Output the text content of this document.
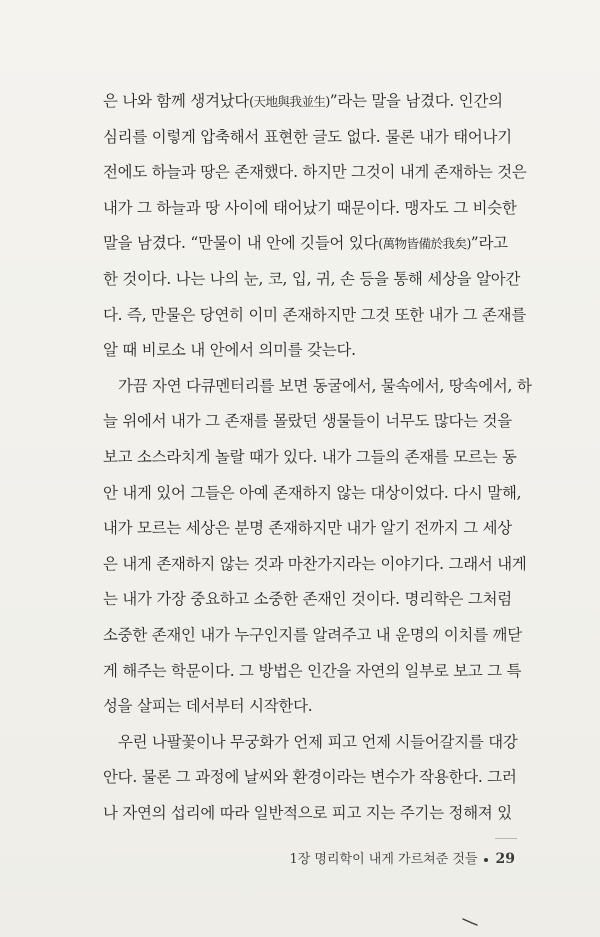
은 나와 함께 생겨났다(天地與我並生)”라는 말을 남겼다. 인간의
심리를 이렇게 압축해서 표현한 글도 없다. 물론 내가 태어나기
전에도 하늘과 땅은 존재했다. 하지만 그것이 내게 존재하는 것은
내가 그 하늘과 땅 사이에 태어났기 때문이다. 맹자도 그 비슷한
말을 남겼다. “만물이 내 안에 깃들어 있다(萬物皆備於我矣)”라고
한 것이다. 나는 나의 눈, 코, 입, 귀, 손 등을 통해 세상을 알아간
다. 즉, 만물은 당연히 이미 존재하지만 그것 또한 내가 그 존재를
알 때 비로소 내 안에서 의미를 갖는다.
가끔 자연 다큐멘터리를 보면 동굴에서, 물속에서, 땅속에서, 하
늘 위에서 내가 그 존재를 몰랐던 생물들이 너무도 많다는 것을
보고 소스라치게 놀랄 때가 있다. 내가 그들의 존재를 모르는 동
안 내게 있어 그들은 아예 존재하지 않는 대상이었다. 다시 말해,
내가 모르는 세상은 분명 존재하지만 내가 알기 전까지 그 세상
은 내게 존재하지 않는 것과 마찬가지라는 이야기다. 그래서 내게
는 내가 가장 중요하고 소중한 존재인 것이다. 명리학은 그처럼
소중한 존재인 내가 누구인지를 알려주고 내 운명의 이치를 깨닫
게 해주는 학문이다. 그 방법은 인간을 자연의 일부로 보고 그 특
성을 살피는 데서부터 시작한다.
우린 나팔꽃이나 무궁화가 언제 피고 언제 시들어갈지를 대강
안다. 물론 그 과정에 날씨와 환경이라는 변수가 작용한다. 그러
나 자연의 섭리에 따라 일반적으로 피고 지는 주기는 정해져 있
1장 명리학이 내게 가르쳐준 것들 29
